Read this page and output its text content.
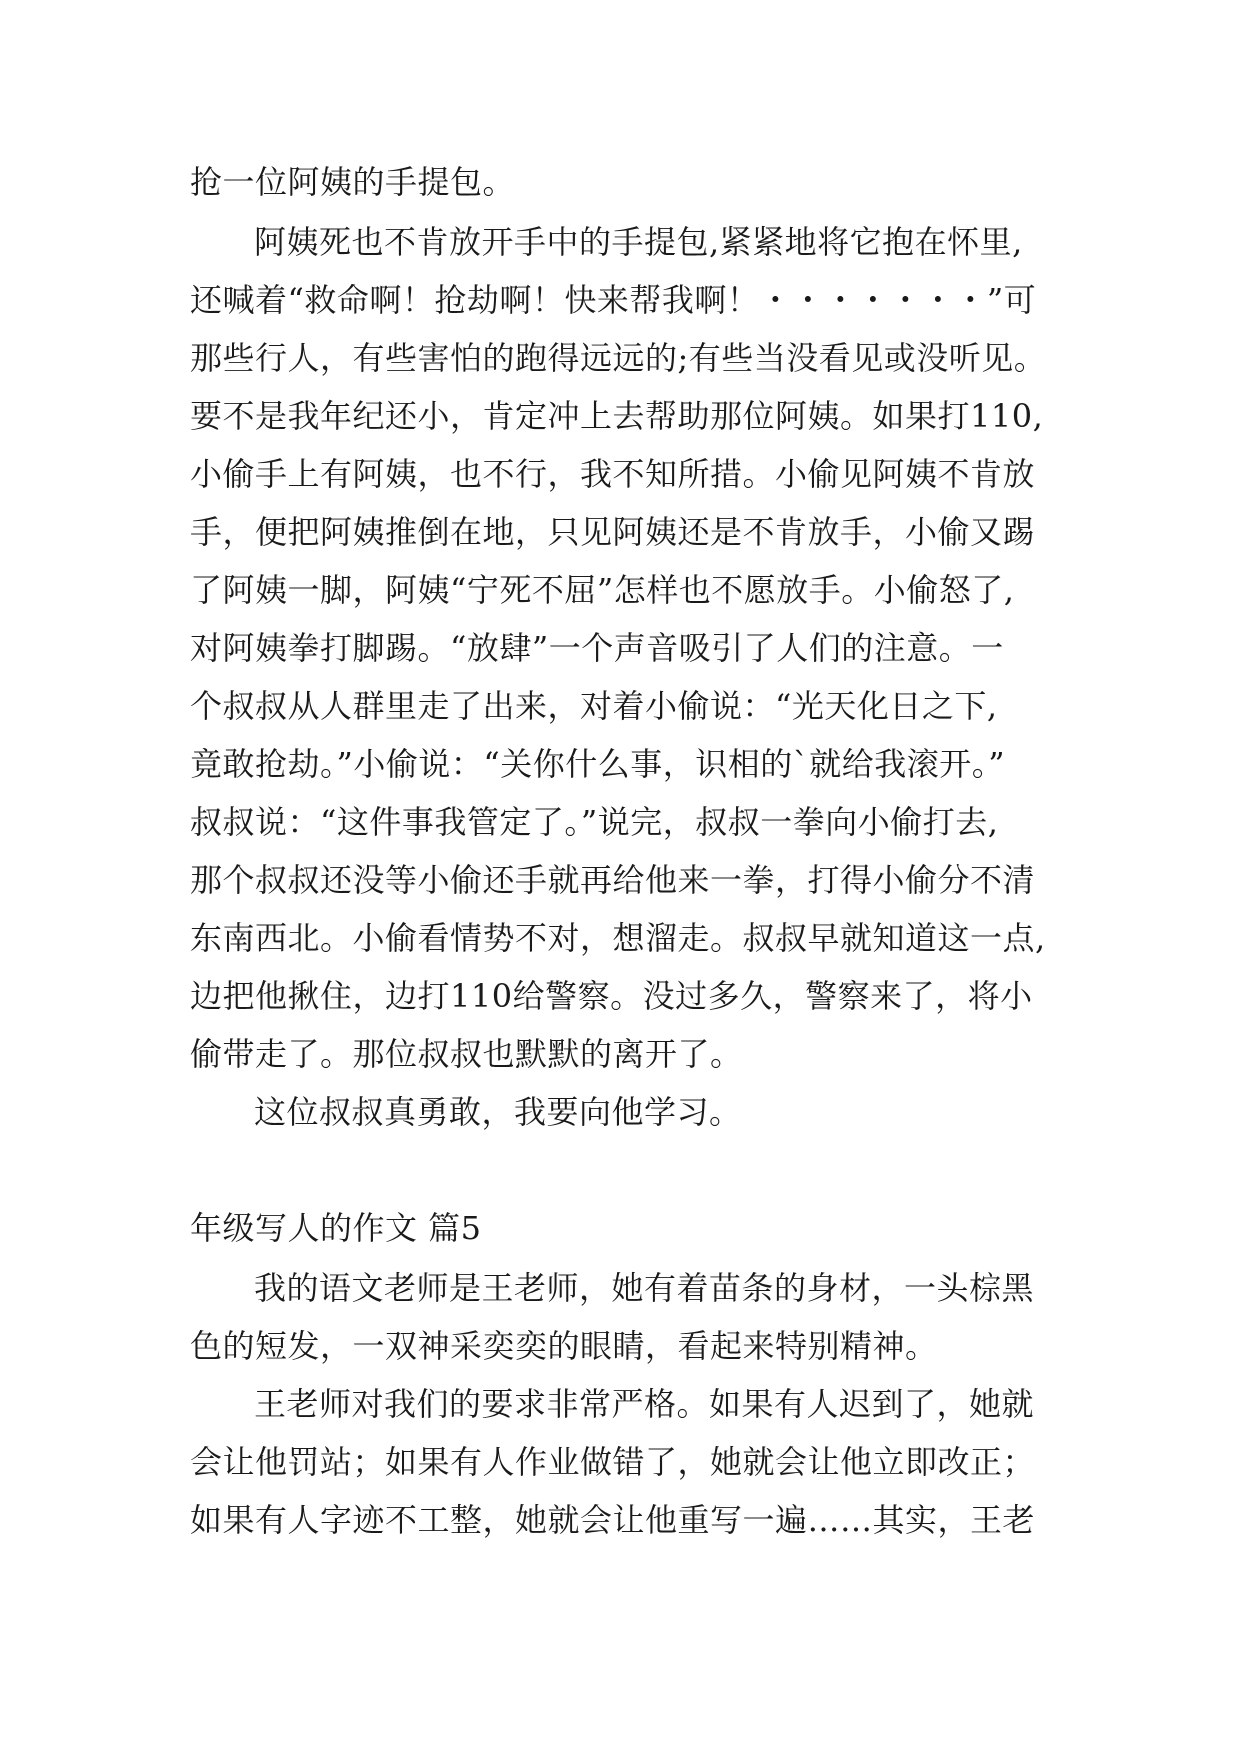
抢一位阿姨的手提包。

阿姨死也不肯放开手中的手提包,紧紧地将它抱在怀里,

还喊着“救命啊！抢劫啊！快来帮我啊！・・・・・・・”可

那些行人，有些害怕的跑得远远的;有些当没看见或没听见。

要不是我年纪还小，肯定冲上去帮助那位阿姨。如果打110,

小偷手上有阿姨，也不行，我不知所措。小偷见阿姨不肯放

手，便把阿姨推倒在地，只见阿姨还是不肯放手，小偷又踢

了阿姨一脚，阿姨“宁死不屈”怎样也不愿放手。小偷怒了,

对阿姨拳打脚踢。“放肆”一个声音吸引了人们的注意。一

个叔叔从人群里走了出来，对着小偷说：“光天化日之下,

竟敢抢劫。”小偷说：“关你什么事，识相的`就给我滚开。”

叔叔说：“这件事我管定了。”说完，叔叔一拳向小偷打去,

那个叔叔还没等小偷还手就再给他来一拳，打得小偷分不清

东南西北。小偷看情势不对，想溜走。叔叔早就知道这一点,

边把他揪住，边打110给警察。没过多久，警察来了，将小

偷带走了。那位叔叔也默默的离开了。

这位叔叔真勇敢，我要向他学习。

年级写人的作文 篇5

我的语文老师是王老师，她有着苗条的身材，一头棕黑

色的短发，一双神采奕奕的眼睛，看起来特别精神。

王老师对我们的要求非常严格。如果有人迟到了，她就

会让他罚站；如果有人作业做错了，她就会让他立即改正；

如果有人字迹不工整，她就会让他重写一遍……其实，王老
